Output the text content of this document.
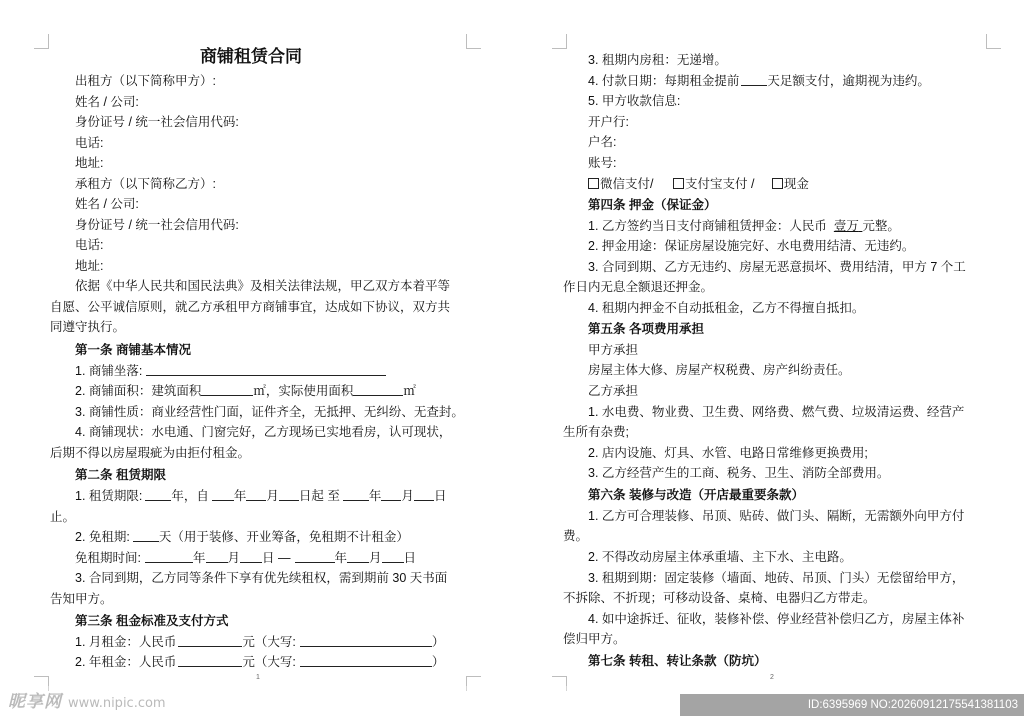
商铺租赁合同
出租方（以下简称甲方）:
姓名 / 公司:
身份证号 / 统一社会信用代码:
电话:
地址:
承租方（以下简称乙方）:
姓名 / 公司:
身份证号 / 统一社会信用代码:
电话:
地址:
依据《中华人民共和国民法典》及相关法律法规，甲乙双方本着平等
自愿、公平诚信原则，就乙方承租甲方商铺事宜，达成如下协议，双方共
同遵守执行。
第一条 商铺基本情况
1. 商铺坐落:
2. 商铺面积：建筑面积	㎡，实际使用面积	㎡
3. 商铺性质：商业经营性门面，证件齐全，无抵押、无纠纷、无查封。
4. 商铺现状：水电通、门窗完好，乙方现场已实地看房，认可现状，
后期不得以房屋瑕疵为由拒付租金。
第二条 租赁期限
1. 租赁期限: 年，自 年 月 日起 至 年 月 日
止。
2. 免租期: 天（用于装修、开业筹备，免租期不计租金）
免租期时间:	年 月 日 —	年 月 日
3. 合同到期，乙方同等条件下享有优先续租权，需到期前 30 天书面
告知甲方。
第三条 租金标准及支付方式
1. 月租金：人民币	元（大写:	）
2. 年租金：人民币	元（大写:	）
1
3. 租期内房租：无递增。
4. 付款日期：每期租金提前 天足额支付，逾期视为违约。
5. 甲方收款信息:
开户行:
户名:
账号:
微信支付/	支付宝支付 / 现金
第四条 押金（保证金）
1. 乙方签约当日支付商铺租赁押金：人民币 壹万 元整。
2. 押金用途：保证房屋设施完好、水电费用结清、无违约。
3. 合同到期、乙方无违约、房屋无恶意损坏、费用结清，甲方 7 个工
作日内无息全额退还押金。
4. 租期内押金不自动抵租金，乙方不得擅自抵扣。
第五条 各项费用承担
甲方承担
房屋主体大修、房屋产权税费、房产纠纷责任。
乙方承担
1. 水电费、物业费、卫生费、网络费、燃气费、垃圾清运费、经营产
生所有杂费;
2. 店内设施、灯具、水管、电路日常维修更换费用;
3. 乙方经营产生的工商、税务、卫生、消防全部费用。
第六条 装修与改造（开店最重要条款）
1. 乙方可合理装修、吊顶、贴砖、做门头、隔断，无需额外向甲方付
费。
2. 不得改动房屋主体承重墙、主下水、主电路。
3. 租期到期：固定装修（墙面、地砖、吊顶、门头）无偿留给甲方，
不拆除、不折现；可移动设备、桌椅、电器归乙方带走。
4. 如中途拆迁、征收，装修补偿、停业经营补偿归乙方，房屋主体补
偿归甲方。
第七条 转租、转让条款（防坑）
2
昵享网 www.nipic.com	ID:6395969 NO:20260912175541381103
